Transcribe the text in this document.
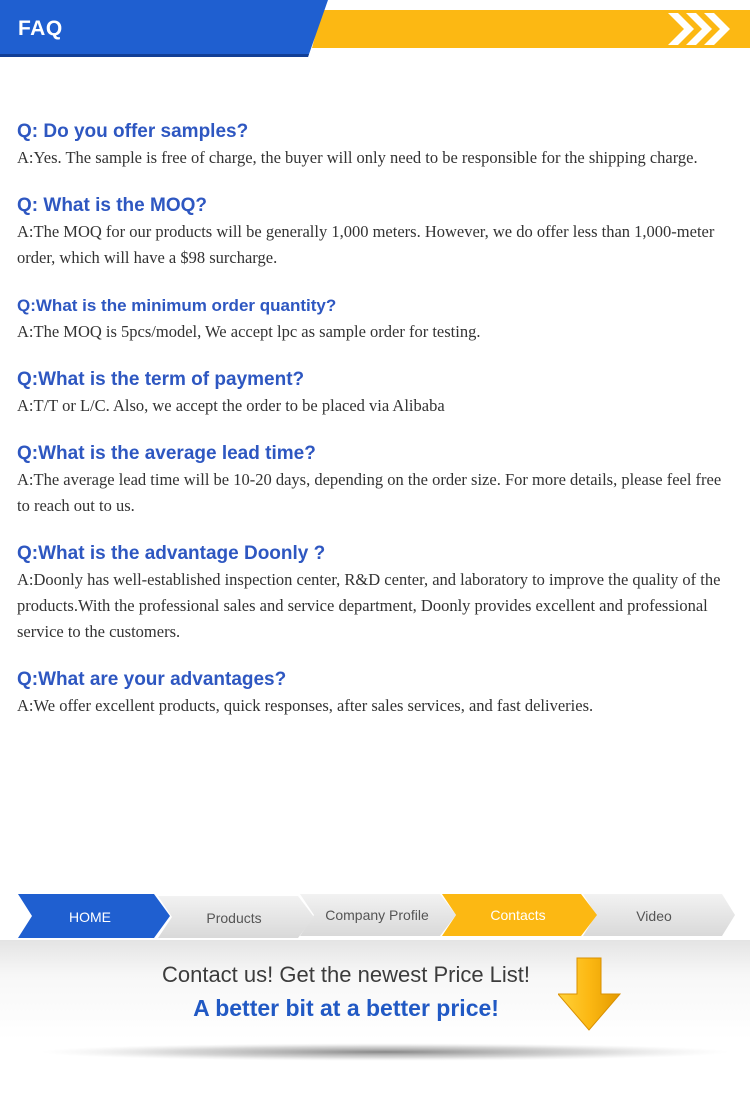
FAQ
Q: Do you offer samples?
A:Yes. The sample is free of charge, the buyer will only need to be responsible for the shipping charge.
Q: What is the MOQ?
A:The MOQ for our products will be generally 1,000 meters. However, we do offer less than 1,000-meter order, which will have a $98 surcharge.
Q:What is the minimum order quantity?
A:The MOQ is 5pcs/model, We accept lpc as sample order for testing.
Q:What is the term of payment?
A:T/T or L/C. Also, we accept the order to be placed via Alibaba
Q:What is the average lead time?
A:The average lead time will be 10-20 days, depending on the order size. For more details, please feel free to reach out to us.
Q:What is the advantage Doonly ?
A:Doonly has well-established inspection center, R&D center, and laboratory to improve the quality of the products.With the professional sales and service department, Doonly provides excellent and professional service to the customers.
Q:What are your advantages?
A:We offer excellent products, quick responses, after sales services, and fast deliveries.
HOME	Products	Company Profile	Contacts	Video
Contact us! Get the newest Price List!
A better bit at a better price!
